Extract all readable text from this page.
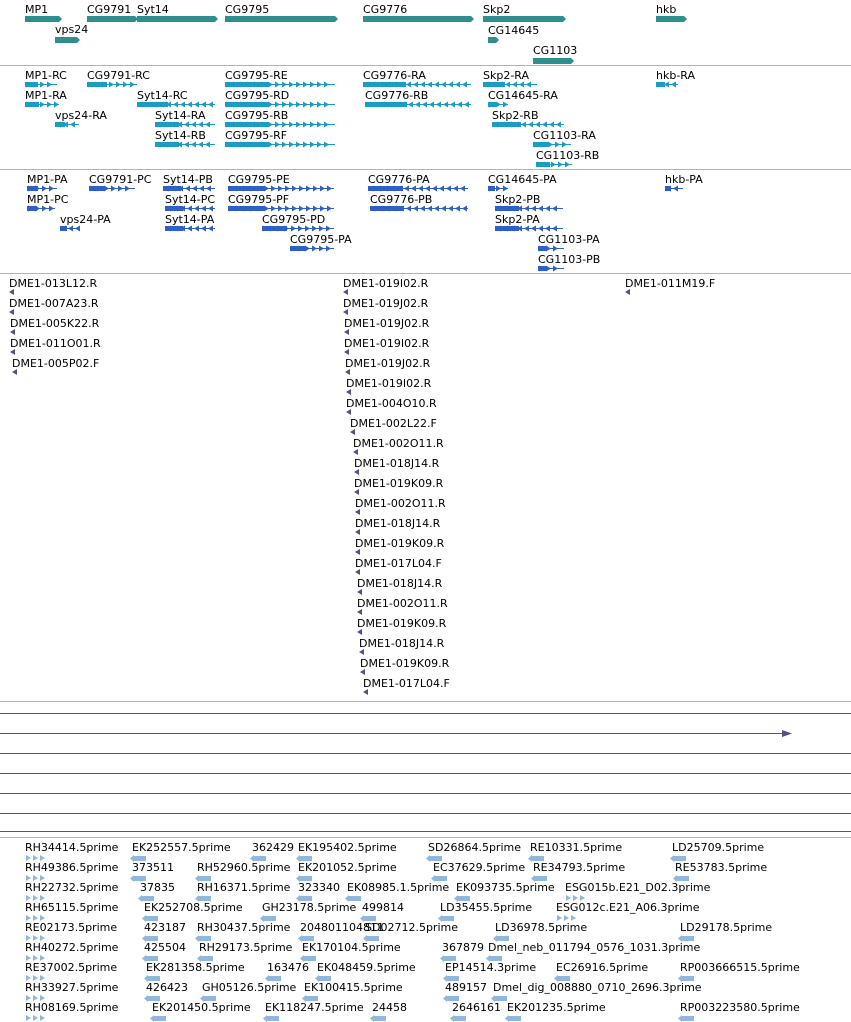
MP1
vps24
CG9791 Syt14	CG9795	CG9776	Skp2
CG14645
CG1103
hkb
MP1-RC
MP1-RA
vps24-RA
CG9791-RC
Syt14-RC
Syt14-RA
Syt14-RB
CG9795-RE
CG9795-RD
CG9795-RB
CG9795-RF
CG9776-RA
CG9776-RB
Skp2-RA
CG14645-RA
Skp2-RB
CG1103-RA
CG1103-RB
hkb-RA
MP1-PA
MP1-PC
vps24-PA
CG9791-PC Syt14-PB
Syt14-PC
Syt14-PA
CG9795-PE
CG9795-PF
CG9795-PD
CG9795-PA
CG9776-PA
CG9776-PB
CG14645-PA
Skp2-PB
Skp2-PA
CG1103-PA
CG1103-PB
hkb-PA
DME1-013L12.R
DME1-007A23.R
DME1-005K22.R
DME1-011O01.R
DME1-005P02.F
DME1-019I02.R
DME1-019J02.R
DME1-019J02.R
DME1-019I02.R
DME1-019J02.R
DME1-019I02.R
DME1-004O10.R
DME1-002L22.F
DME1-002O11.R
DME1-018J14.R
DME1-019K09.R
DME1-002O11.R
DME1-018J14.R
DME1-019K09.R
DME1-017L04.F
DME1-018J14.R
DME1-002O11.R
DME1-019K09.R
DME1-018J14.R
DME1-019K09.R
DME1-017L04.F
DME1-011M19.F
RH34414.5prime
RH49386.5prime
RH22732.5prime
RH65115.5prime
RE02173.5prime
RH40272.5prime
RE37002.5prime
RH33927.5prime
RH08169.5prime
EK252557.5prime
373511
37835
EK252708.5prime
423187
425504
EK281358.5prime
426423
EK201450.5prime
362429
RH52960.5prime
RH16371.5prime
GH23178.5prime
RH30437.5prime
RH29173.5prime
163476
GH05126.5prime
EK118247.5prime
EK195402.5prime
EK201052.5prime
323340
204801104811
EK170104.5prime
EK048459.5prime
EK100415.5prime
24458
EK08985.1.5prime
499814
SD02712.5prime
SD26864.5prime
EC37629.5prime
EK093735.5prime
LD35455.5prime
367879
EP14514.3prime
489157
2646161
RE10331.5prime
RE34793.5prime
ESG015b.E21_D02.3prime
LD36978.5prime
ESG012c.E21_A06.3prime
Dmel_neb_011794_0576_1031.3prime
EC26916.5prime
Dmel_dig_008880_0710_2696.3prime
EK201235.5prime
LD25709.5prime
RE53783.5prime
LD29178.5prime
RP003666515.5prime
RP003223580.5prime
